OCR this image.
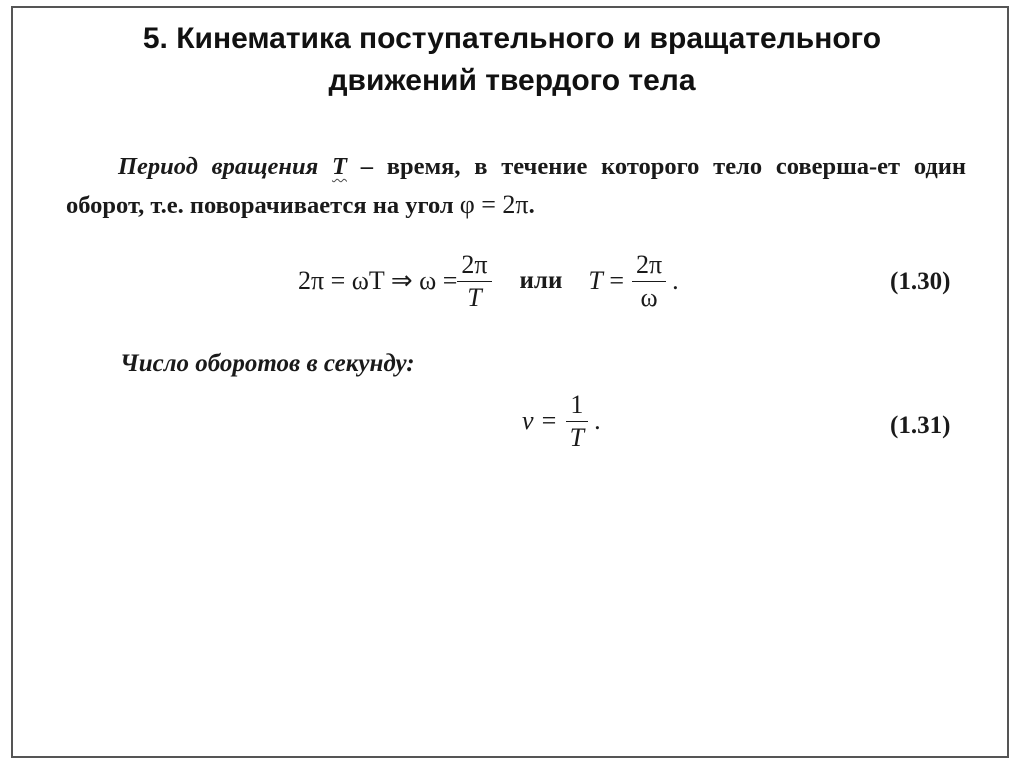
5. Кинематика поступательного и вращательного
движений твердого тела
Период вращения T – время, в течение которого тело соверша-ет один оборот, т.е. поворачивается на угол φ = 2π.
2π = ωT ⇒ $\omega = \frac{2\pi}{T}$ или $T = \frac{2\pi}{\omega}$ .	(1.30)
Число оборотов в секунду:
$\nu = \frac{1}{T}$ .	(1.31)
